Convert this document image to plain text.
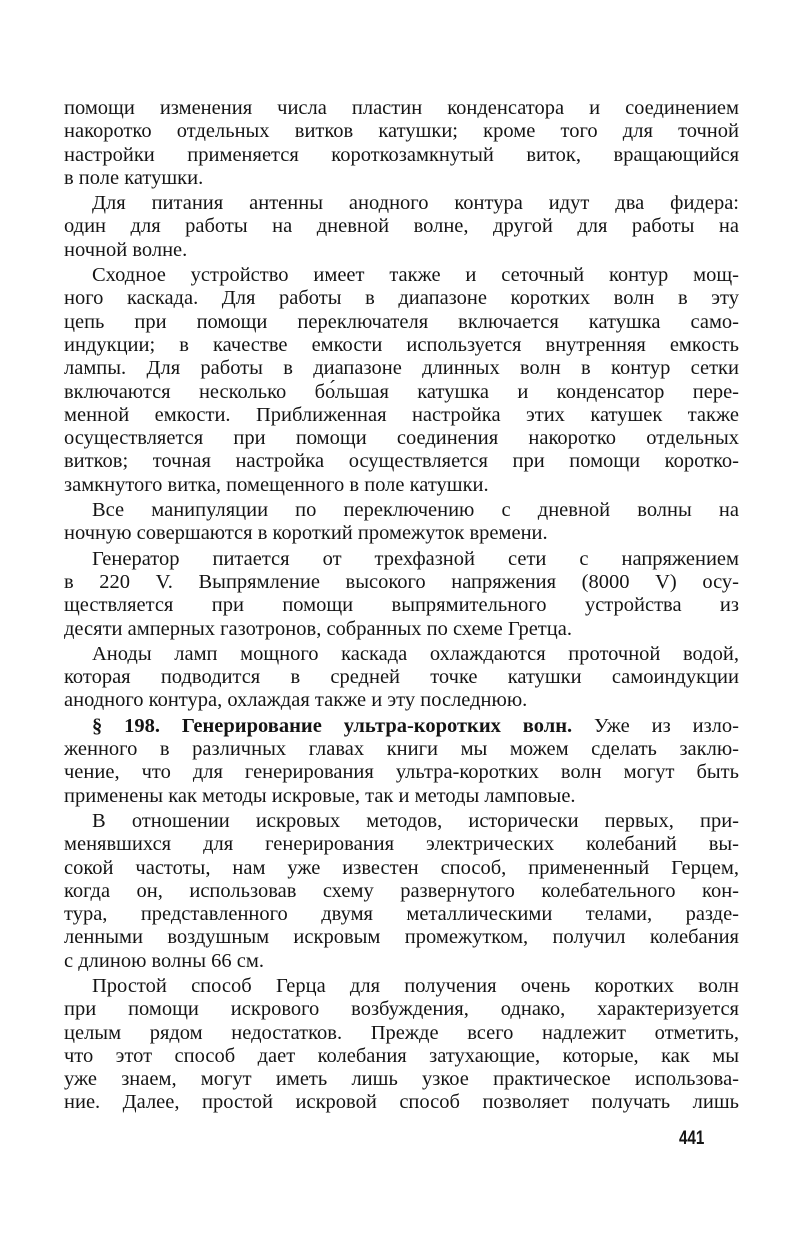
помощи изменения числа пластин конденсатора и соединением
накоротко отдельных витков катушки; кроме того для точной
настройки применяется короткозамкнутый виток, вращающийся
в поле катушки.
Для питания антенны анодного контура идут два фидера:
один для работы на дневной волне, другой для работы на
ночной волне.
Сходное устройство имеет также и сеточный контур мощ-
ного каскада. Для работы в диапазоне коротких волн в эту
цепь при помощи переключателя включается катушка само-
индукции; в качестве емкости используется внутренняя емкость
лампы. Для работы в диапазоне длинных волн в контур сетки
включаются несколько бо́льшая катушка и конденсатор пере-
менной емкости. Приближенная настройка этих катушек также
осуществляется при помощи соединения накоротко отдельных
витков; точная настройка осуществляется при помощи коротко-
замкнутого витка, помещенного в поле катушки.
Все манипуляции по переключению с дневной волны на
ночную совершаются в короткий промежуток времени.
Генератор питается от трехфазной сети с напряжением
в 220 V. Выпрямление высокого напряжения (8000 V) осу-
ществляется при помощи выпрямительного устройства из
десяти амперных газотронов, собранных по схеме Гретца.
Аноды ламп мощного каскада охлаждаются проточной водой,
которая подводится в средней точке катушки самоиндукции
анодного контура, охлаждая также и эту последнюю.
§ 198. Генерирование ультра-коротких волн. Уже из изло-
женного в различных главах книги мы можем сделать заклю-
чение, что для генерирования ультра-коротких волн могут быть
применены как методы искровые, так и методы ламповые.
В отношении искровых методов, исторически первых, при-
менявшихся для генерирования электрических колебаний вы-
сокой частоты, нам уже известен способ, примененный Герцем,
когда он, использовав схему развернутого колебательного кон-
тура, представленного двумя металлическими телами, разде-
ленными воздушным искровым промежутком, получил колебания
с длиною волны 66 см.
Простой способ Герца для получения очень коротких волн
при помощи искрового возбуждения, однако, характеризуется
целым рядом недостатков. Прежде всего надлежит отметить,
что этот способ дает колебания затухающие, которые, как мы
уже знаем, могут иметь лишь узкое практическое использова-
ние. Далее, простой искровой способ позволяет получать лишь
441
